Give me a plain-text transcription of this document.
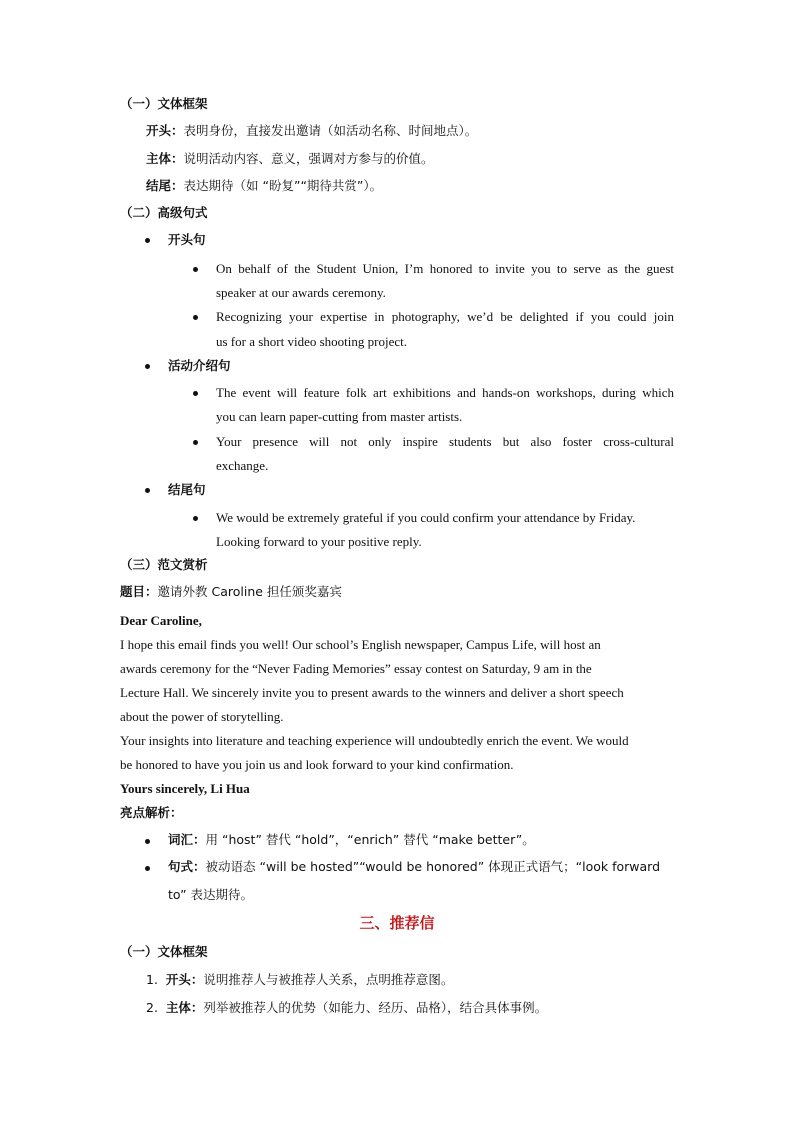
（一）文体框架
开头：表明身份，直接发出邀请（如活动名称、时间地点）。
主体：说明活动内容、意义，强调对方参与的价值。
结尾：表达期待（如 “盼复”“期待共赏”）。
（二）高级句式
开头句
On behalf of the Student Union, I’m honored to invite you to serve as the guest
speaker at our awards ceremony.
Recognizing your expertise in photography, we’d be delighted if you could join
us for a short video shooting project.
活动介绍句
The event will feature folk art exhibitions and hands-on workshops, during which
you can learn paper-cutting from master artists.
Your presence will not only inspire students but also foster cross-cultural
exchange.
结尾句
We would be extremely grateful if you could confirm your attendance by Friday.
Looking forward to your positive reply.
（三）范文赏析
题目：邀请外教 Caroline 担任颁奖嘉宾
Dear Caroline,
I hope this email finds you well! Our school’s English newspaper, Campus Life, will host an
awards ceremony for the “Never Fading Memories” essay contest on Saturday, 9 am in the
Lecture Hall. We sincerely invite you to present awards to the winners and deliver a short speech
about the power of storytelling.
Your insights into literature and teaching experience will undoubtedly enrich the event. We would
be honored to have you join us and look forward to your kind confirmation.
Yours sincerely, Li Hua
亮点解析：
词汇：用 “host” 替代 “hold”，“enrich” 替代 “make better”。
句式：被动语态 “will be hosted”“would be honored” 体现正式语气；“look forward
to” 表达期待。
三、推荐信
（一）文体框架
1. 开头：说明推荐人与被推荐人关系，点明推荐意图。
2. 主体：列举被推荐人的优势（如能力、经历、品格），结合具体事例。
